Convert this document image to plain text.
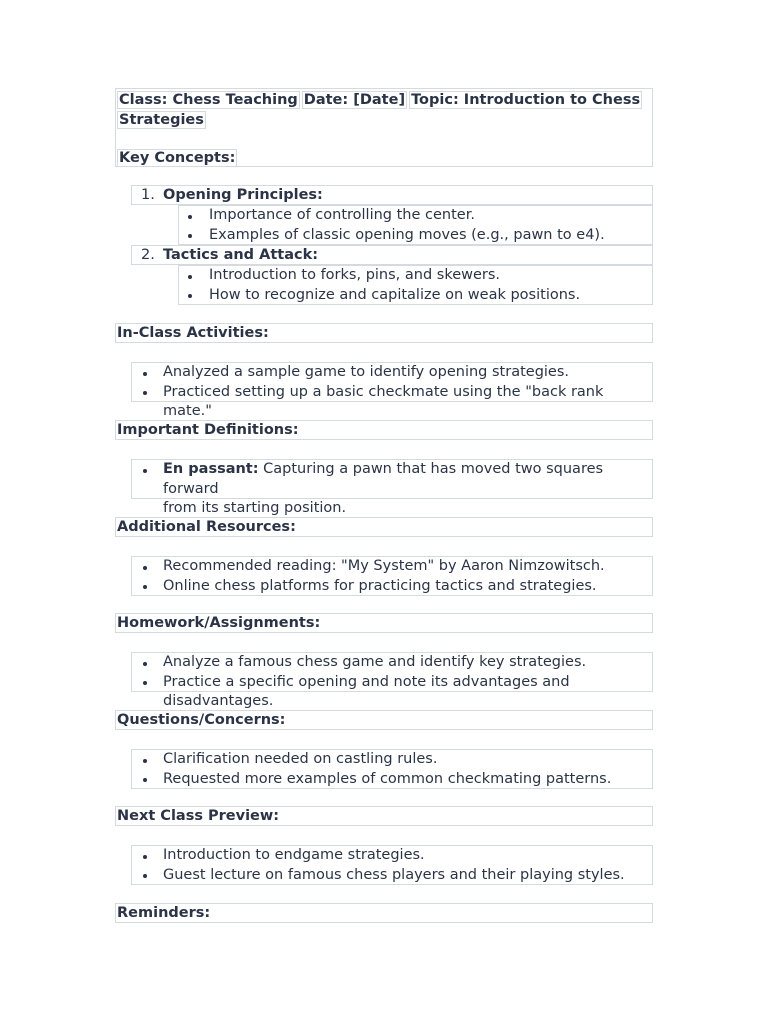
Class: Chess Teaching Date: [Date] Topic: Introduction to Chess
Strategies
Key Concepts:
1. Opening Principles:
Importance of controlling the center.
Examples of classic opening moves (e.g., pawn to e4).
2. Tactics and Attack:
Introduction to forks, pins, and skewers.
How to recognize and capitalize on weak positions.
In-Class Activities:
Analyzed a sample game to identify opening strategies.
Practiced setting up a basic checkmate using the "back rank mate."
Important Definitions:
En passant: Capturing a pawn that has moved two squares forward
from its starting position.
Additional Resources:
Recommended reading: "My System" by Aaron Nimzowitsch.
Online chess platforms for practicing tactics and strategies.
Homework/Assignments:
Analyze a famous chess game and identify key strategies.
Practice a specific opening and note its advantages and disadvantages.
Questions/Concerns:
Clarification needed on castling rules.
Requested more examples of common checkmating patterns.
Next Class Preview:
Introduction to endgame strategies.
Guest lecture on famous chess players and their playing styles.
Reminders:
